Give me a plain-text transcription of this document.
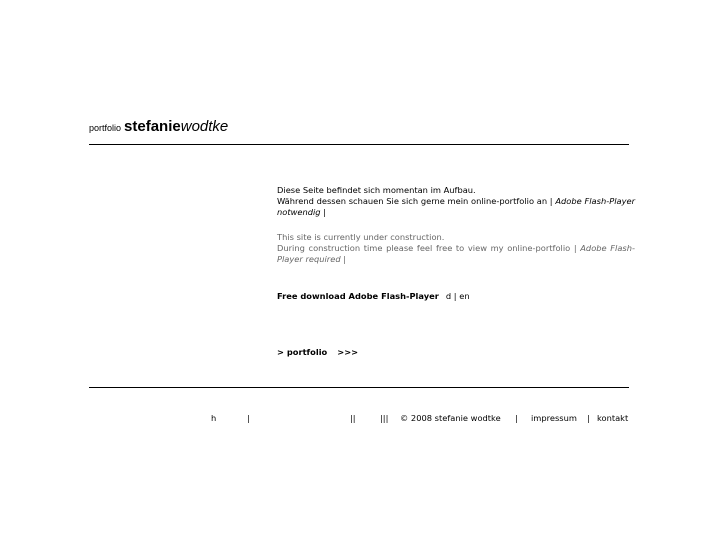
portfolio stefaniewodtke

Diese Seite befindet sich momentan im Aufbau.

Während dessen schauen Sie sich gerne mein online-portfolio an | Adobe Flash-Player notwendig |

This site is currently under construction.

During construction time please feel free to view my online-portfolio | Adobe Flash-Player required |

Free download Adobe Flash-Player d | en
> portfolio >>>
h	|	||	||| © 2008 stefanie wodtke | impressum | kontakt
